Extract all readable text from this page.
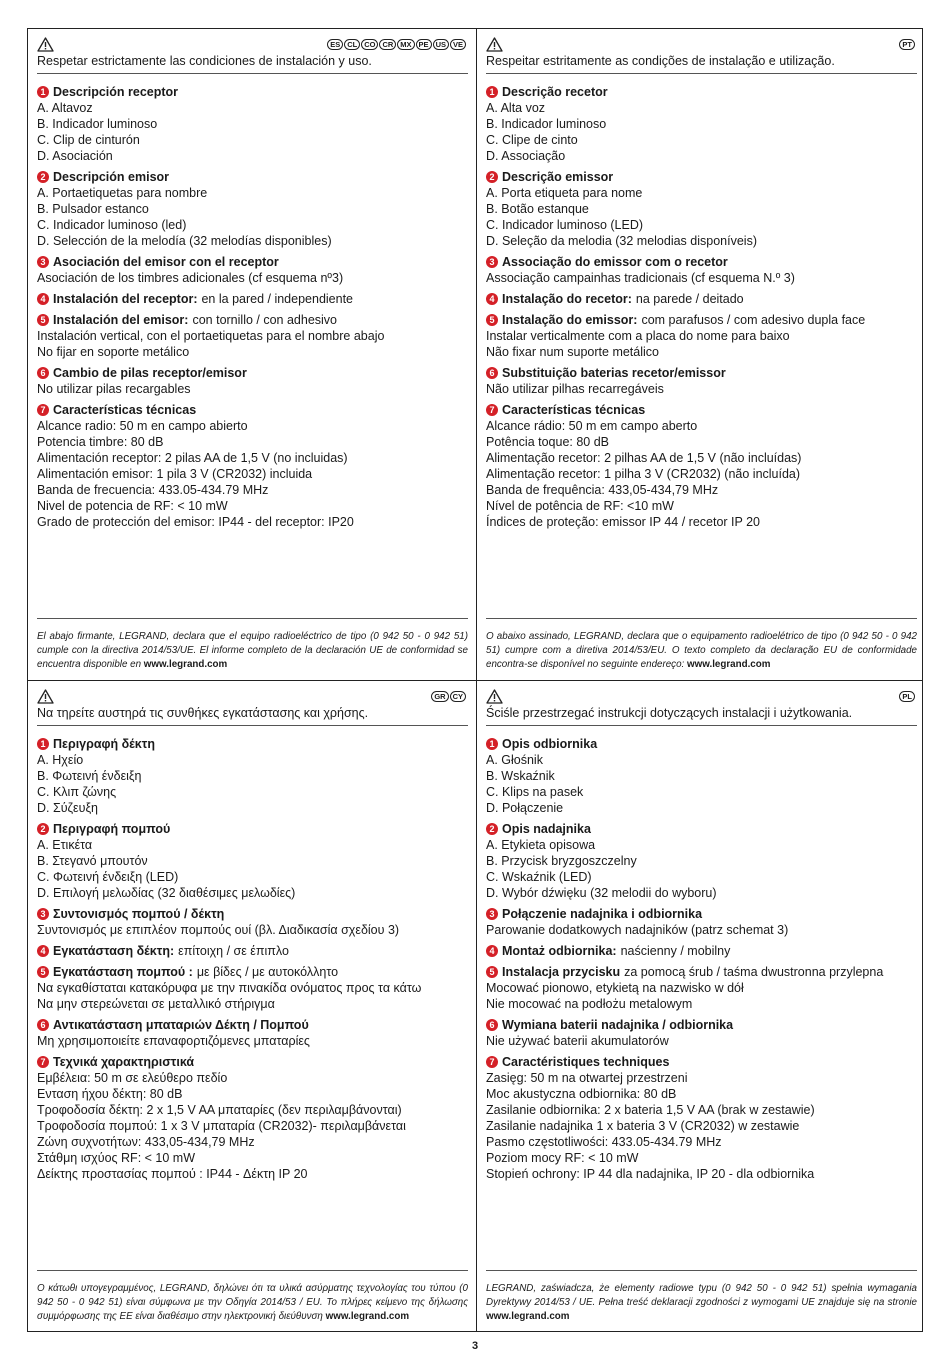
ES CL CO CR MX PE US VE
Respetar estrictamente las condiciones de instalación y uso.
1 Descripción receptor
A. Altavoz
B. Indicador luminoso
C. Clip de cinturón
D. Asociación
2 Descripción emisor
A. Portaetiquetas para nombre
B. Pulsador estanco
C. Indicador luminoso (led)
D. Selección de la melodía (32 melodías disponibles)
3 Asociación del emisor con el receptor
Asociación de los timbres adicionales (cf esquema nº3)
4 Instalación del receptor: en la pared / independiente
5 Instalación del emisor: con tornillo / con adhesivo
Instalación vertical, con el portaetiquetas para el nombre abajo
No fijar en soporte metálico
6 Cambio de pilas receptor/emisor
No utilizar pilas recargables
7 Características técnicas
Alcance radio: 50 m en campo abierto
Potencia timbre: 80 dB
Alimentación receptor: 2 pilas AA de 1,5 V (no incluidas)
Alimentación emisor: 1 pila 3 V (CR2032) incluida
Banda de frecuencia: 433.05-434.79 MHz
Nivel de potencia de RF: < 10 mW
Grado de protección del emisor: IP44 - del receptor: IP20
El abajo firmante, LEGRAND, declara que el equipo radioeléctrico de tipo (0 942 50 - 0 942 51) cumple con la directiva 2014/53/UE. El informe completo de la declaración UE de conformidad se encuentra disponible en www.legrand.com
PT
Respeitar estritamente as condições de instalação e utilização.
1 Descrição recetor
A. Alta voz
B. Indicador luminoso
C. Clipe de cinto
D. Associação
2 Descrição emissor
A. Porta etiqueta para nome
B. Botão estanque
C. Indicador luminoso (LED)
D. Seleção da melodia (32 melodias disponíveis)
3 Associação do emissor com o recetor
Associação campainhas tradicionais (cf esquema N.º 3)
4 Instalação do recetor: na parede / deitado
5 Instalação do emissor: com parafusos / com adesivo dupla face
Instalar verticalmente com a placa do nome para baixo
Não fixar num suporte metálico
6 Substituição baterias recetor/emissor
Não utilizar pilhas recarregáveis
7 Características técnicas
Alcance rádio: 50 m em campo aberto
Potência toque: 80 dB
Alimentação recetor: 2 pilhas AA de 1,5 V (não incluídas)
Alimentação recetor: 1 pilha 3 V (CR2032) (não incluída)
Banda de frequência: 433,05-434,79 MHz
Nível de potência de RF: <10 mW
Índices de proteção: emissor IP 44 / recetor IP 20
O abaixo assinado, LEGRAND, declara que o equipamento radioelétrico de tipo (0 942 50 - 0 942 51) cumpre com a diretiva 2014/53/EU. O texto completo da declaração EU de conformidade encontra-se disponível no seguinte endereço: www.legrand.com
GR CY
Να τηρείτε αυστηρά τις συνθήκες εγκατάστασης και χρήσης.
1 Περιγραφή δέκτη
A. Ηχείο
B. Φωτεινή ένδειξη
C. Κλιπ ζώνης
D. Σύζευξη
2 Περιγραφή πομπού
A. Ετικέτα
B. Στεγανό μπουτόν
C. Φωτεινή ένδειξη (LED)
D. Επιλογή μελωδίας (32 διαθέσιμες μελωδίες)
3 Συντονισμός πομπού / δέκτη
Συντονισμός με επιπλέον πομπούς ουί (βλ. Διαδικασία σχεδίου 3)
4 Εγκατάσταση δέκτη: επίτοιχη / σε έπιπλο
5 Εγκατάσταση πομπού : με βίδες / με αυτοκόλλητο
Να εγκαθίσταται κατακόρυφα με την πινακίδα ονόματος προς τα κάτω
Να μην στερεώνεται σε μεταλλικό στήριγμα
6 Αντικατάσταση μπαταριών Δέκτη / Πομπού
Μη χρησιμοποιείτε επαναφορτιζόμενες μπαταρίες
7 Τεχνικά χαρακτηριστικά
Εμβέλεια: 50 m σε ελεύθερο πεδίο
Ενταση ήχου δέκτη: 80 dB
Τροφοδοσία δέκτη: 2 x 1,5 V AA μπαταρίες (δεν περιλαμβάνονται)
Τροφοδοσία πομπού: 1 x 3 V μπαταρία (CR2032)- περιλαμβάνεται
Ζώνη συχνοτήτων: 433,05-434,79 MHz
Στάθμη ισχύος RF: < 10 mW
Δείκτης προστασίας πομπού : IP44 - Δέκτη IP 20
Ο κάτωθι υπογεγραμμένος, LEGRAND, δηλώνει ότι τα υλικά ασύρματης τεχνολογίας του τύπου (0 942 50 - 0 942 51) είναι σύμφωνα με την Οδηγία 2014/53 / EU. Το πλήρες κείμενο της δήλωσης συμμόρφωσης της ΕΕ είναι διαθέσιμο στην ηλεκτρονική διεύθυνση www.legrand.com
PL
Ściśle przestrzegać instrukcji dotyczących instalacji i użytkowania.
1 Opis odbiornika
A. Głośnik
B. Wskaźnik
C. Klips na pasek
D. Połączenie
2 Opis nadajnika
A. Etykieta opisowa
B. Przycisk bryzgoszczelny
C. Wskaźnik (LED)
D. Wybór dźwięku (32 melodii do wyboru)
3 Połączenie nadajnika i odbiornika
Parowanie dodatkowych nadajników (patrz schemat 3)
4 Montaż odbiornika: naścienny / mobilny
5 Instalacja przycisku za pomocą śrub / taśma dwustronna przylepna
Mocować pionowo, etykietą na nazwisko w dół
Nie mocować na podłożu metalowym
6 Wymiana baterii nadajnika / odbiornika
Nie używać baterii akumulatorów
7 Caractéristiques techniques
Zasięg: 50 m na otwartej przestrzeni
Moc akustyczna odbiornika: 80 dB
Zasilanie odbiornika: 2 x bateria 1,5 V AA (brak w zestawie)
Zasilanie nadajnika 1 x bateria 3 V (CR2032) w zestawie
Pasmo częstotliwości: 433.05-434.79 MHz
Poziom mocy RF: < 10 mW
Stopień ochrony: IP 44 dla nadajnika, IP 20 - dla odbiornika
LEGRAND, zaświadcza, że elementy radiowe typu (0 942 50 - 0 942 51) spełnia wymagania Dyrektywy 2014/53 / UE. Pełna treść deklaracji zgodności z wymogami UE znajduje się na stronie www.legrand.com
3
